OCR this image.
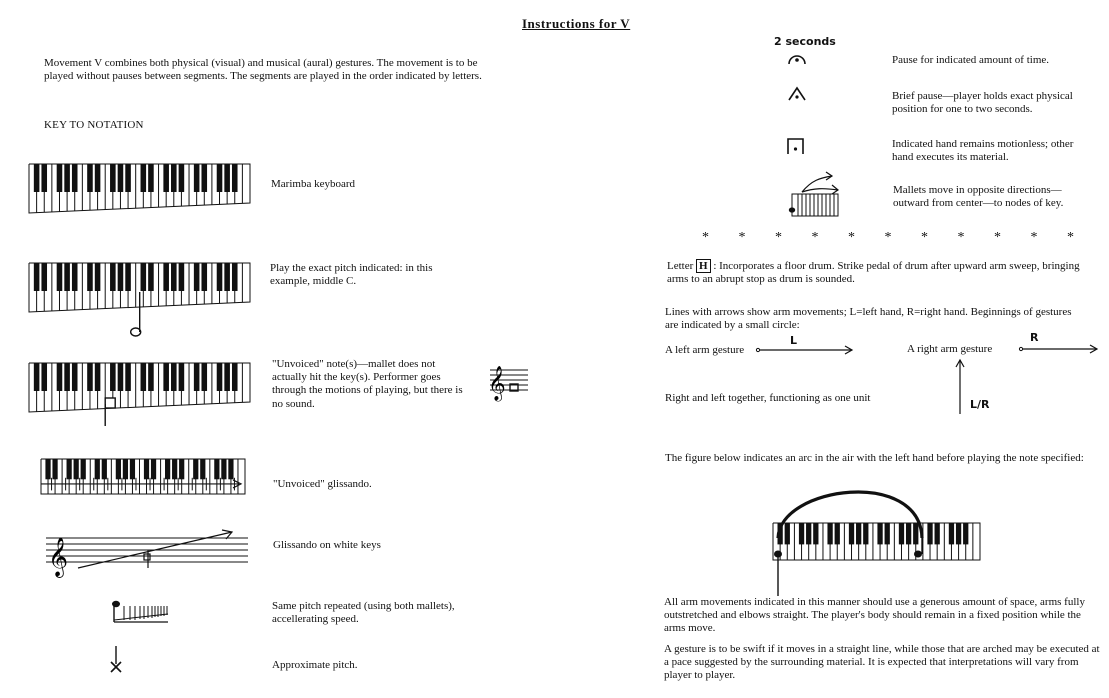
Instructions for V
Movement V combines both physical (visual) and musical (aural) gestures. The movement is to be played without pauses between segments. The segments are played in the order indicated by letters.
KEY TO NOTATION
Marimba keyboard
Play the exact pitch indicated: in this example, middle C.
"Unvoiced" note(s)—mallet does not actually hit the key(s). Performer goes through the motions of playing, but there is no sound.
𝄞
"Unvoiced" glissando.
𝄞	Glissando on white keys
Same pitch repeated (using both mallets), accellerating speed.
Approximate pitch.
2 seconds
Pause for indicated amount of time.
Brief pause—player holds exact physical position for one to two seconds.
Indicated hand remains motionless; other hand executes its material.
Mallets move in opposite directions—outward from center—to nodes of key.
* * * * * * * * * * *
Letter H : Incorporates a floor drum. Strike pedal of drum after upward arm sweep, bringing arms to an abrupt stop as drum is sounded.
Lines with arrows show arm movements; L=left hand, R=right hand. Beginnings of gestures are indicated by a small circle:
A left arm gesture
L
A right arm gesture
R
Right and left together, functioning as one unit	L/R
The figure below indicates an arc in the air with the left hand before playing the note specified:
All arm movements indicated in this manner should use a generous amount of space, arms fully outstretched and elbows straight. The player's body should remain in a fixed position while the arms move.
A gesture is to be swift if it moves in a straight line, while those that are arched may be executed at a pace suggested by the surrounding material. It is expected that interpretations will vary from player to player.
